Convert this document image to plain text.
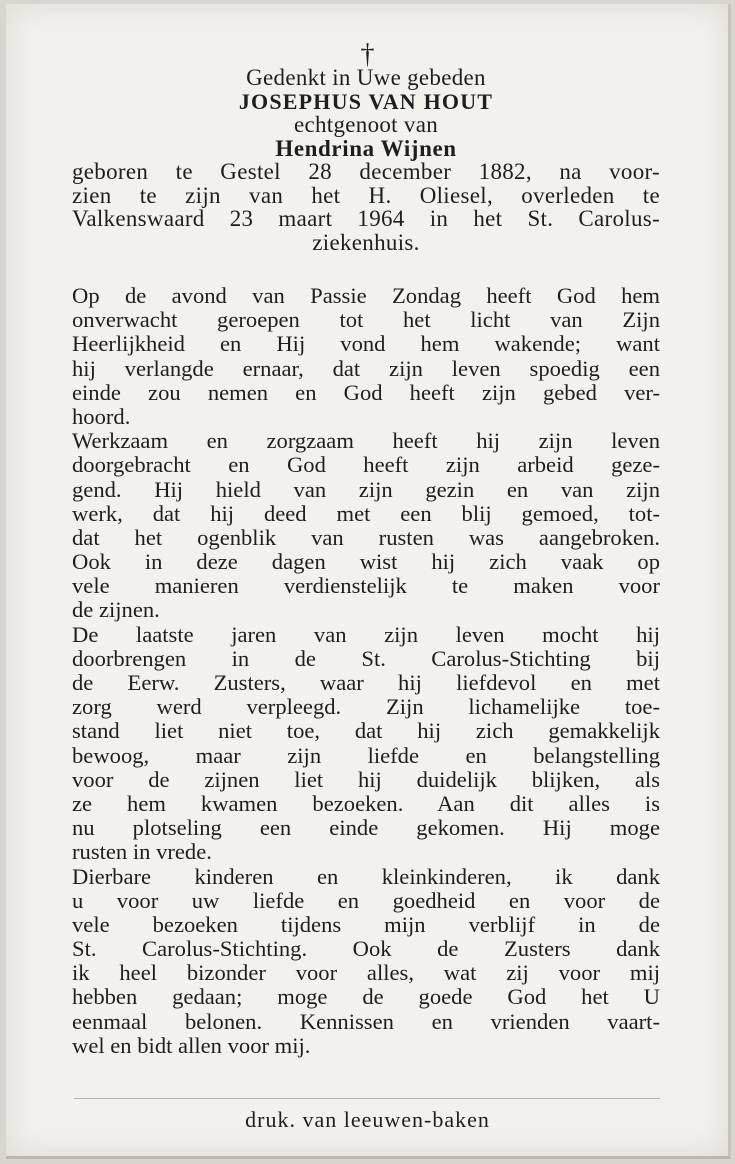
†
Gedenkt in Uwe gebeden
JOSEPHUS VAN HOUT
echtgenoot van
Hendrina Wijnen
geboren te Gestel 28 december 1882, na voor-
zien te zijn van het H. Oliesel, overleden te
Valkenswaard 23 maart 1964 in het St. Carolus-
ziekenhuis.
Op de avond van Passie Zondag heeft God hem
onverwacht geroepen tot het licht van Zijn
Heerlijkheid en Hij vond hem wakende; want
hij verlangde ernaar, dat zijn leven spoedig een
einde zou nemen en God heeft zijn gebed ver-
hoord.
Werkzaam en zorgzaam heeft hij zijn leven
doorgebracht en God heeft zijn arbeid geze-
gend. Hij hield van zijn gezin en van zijn
werk, dat hij deed met een blij gemoed, tot-
dat het ogenblik van rusten was aangebroken.
Ook in deze dagen wist hij zich vaak op
vele manieren verdienstelijk te maken voor
de zijnen.
De laatste jaren van zijn leven mocht hij
doorbrengen in de St. Carolus-Stichting bij
de Eerw. Zusters, waar hij liefdevol en met
zorg werd verpleegd. Zijn lichamelijke toe-
stand liet niet toe, dat hij zich gemakkelijk
bewoog, maar zijn liefde en belangstelling
voor de zijnen liet hij duidelijk blijken, als
ze hem kwamen bezoeken. Aan dit alles is
nu plotseling een einde gekomen. Hij moge
rusten in vrede.
Dierbare kinderen en kleinkinderen, ik dank
u voor uw liefde en goedheid en voor de
vele bezoeken tijdens mijn verblijf in de
St. Carolus-Stichting. Ook de Zusters dank
ik heel bizonder voor alles, wat zij voor mij
hebben gedaan; moge de goede God het U
eenmaal belonen. Kennissen en vrienden vaart-
wel en bidt allen voor mij.
druk. van leeuwen-baken
